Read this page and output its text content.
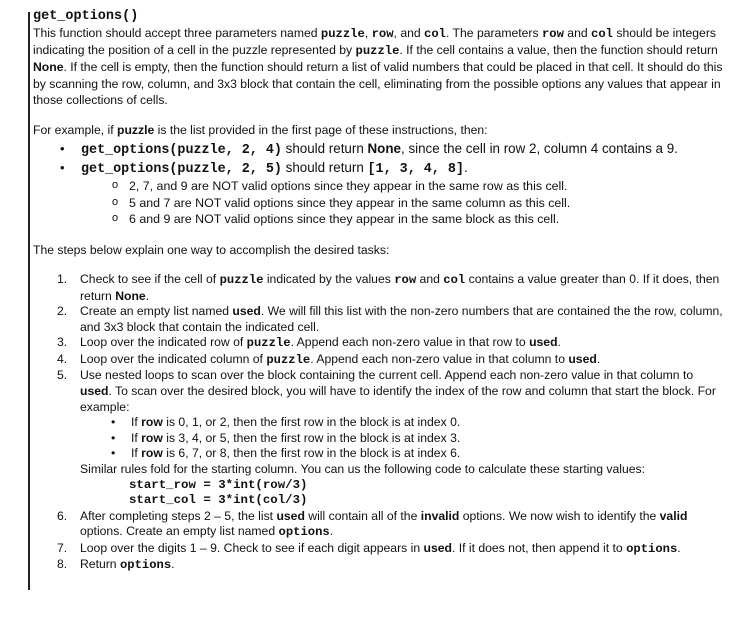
get_options()

This function should accept three parameters named puzzle, row, and col. The parameters row and col should be integers indicating the position of a cell in the puzzle represented by puzzle. If the cell contains a value, then the function should return None. If the cell is empty, then the function should return a list of valid numbers that could be placed in that cell. It should do this by scanning the row, column, and 3x3 block that contain the cell, eliminating from the possible options any values that appear in those collections of cells.

For example, if puzzle is the list provided in the first page of these instructions, then:

• get_options(puzzle, 2, 4) should return None, since the cell in row 2, column 4 contains a 9.
• get_options(puzzle, 2, 5) should return [1, 3, 4, 8].
o 2, 7, and 9 are NOT valid options since they appear in the same row as this cell.
o 5 and 7 are NOT valid options since they appear in the same column as this cell.
o 6 and 9 are NOT valid options since they appear in the same block as this cell.

The steps below explain one way to accomplish the desired tasks:

1. Check to see if the cell of puzzle indicated by the values row and col contains a value greater than 0. If it does, then return None.
2. Create an empty list named used. We will fill this list with the non-zero numbers that are contained the the row, column, and 3x3 block that contain the indicated cell.
3. Loop over the indicated row of puzzle. Append each non-zero value in that row to used.
4. Loop over the indicated column of puzzle. Append each non-zero value in that column to used.
5. Use nested loops to scan over the block containing the current cell. Append each non-zero value in that column to used. To scan over the desired block, you will have to identify the index of the row and column that start the block. For example:
• If row is 0, 1, or 2, then the first row in the block is at index 0.
• If row is 3, 4, or 5, then the first row in the block is at index 3.
• If row is 6, 7, or 8, then the first row in the block is at index 6.
Similar rules fold for the starting column. You can us the following code to calculate these starting values:
start_row = 3*int(row/3)
start_col = 3*int(col/3)
6. After completing steps 2 – 5, the list used will contain all of the invalid options. We now wish to identify the valid options. Create an empty list named options.
7. Loop over the digits 1 – 9. Check to see if each digit appears in used. If it does not, then append it to options.
8. Return options.
